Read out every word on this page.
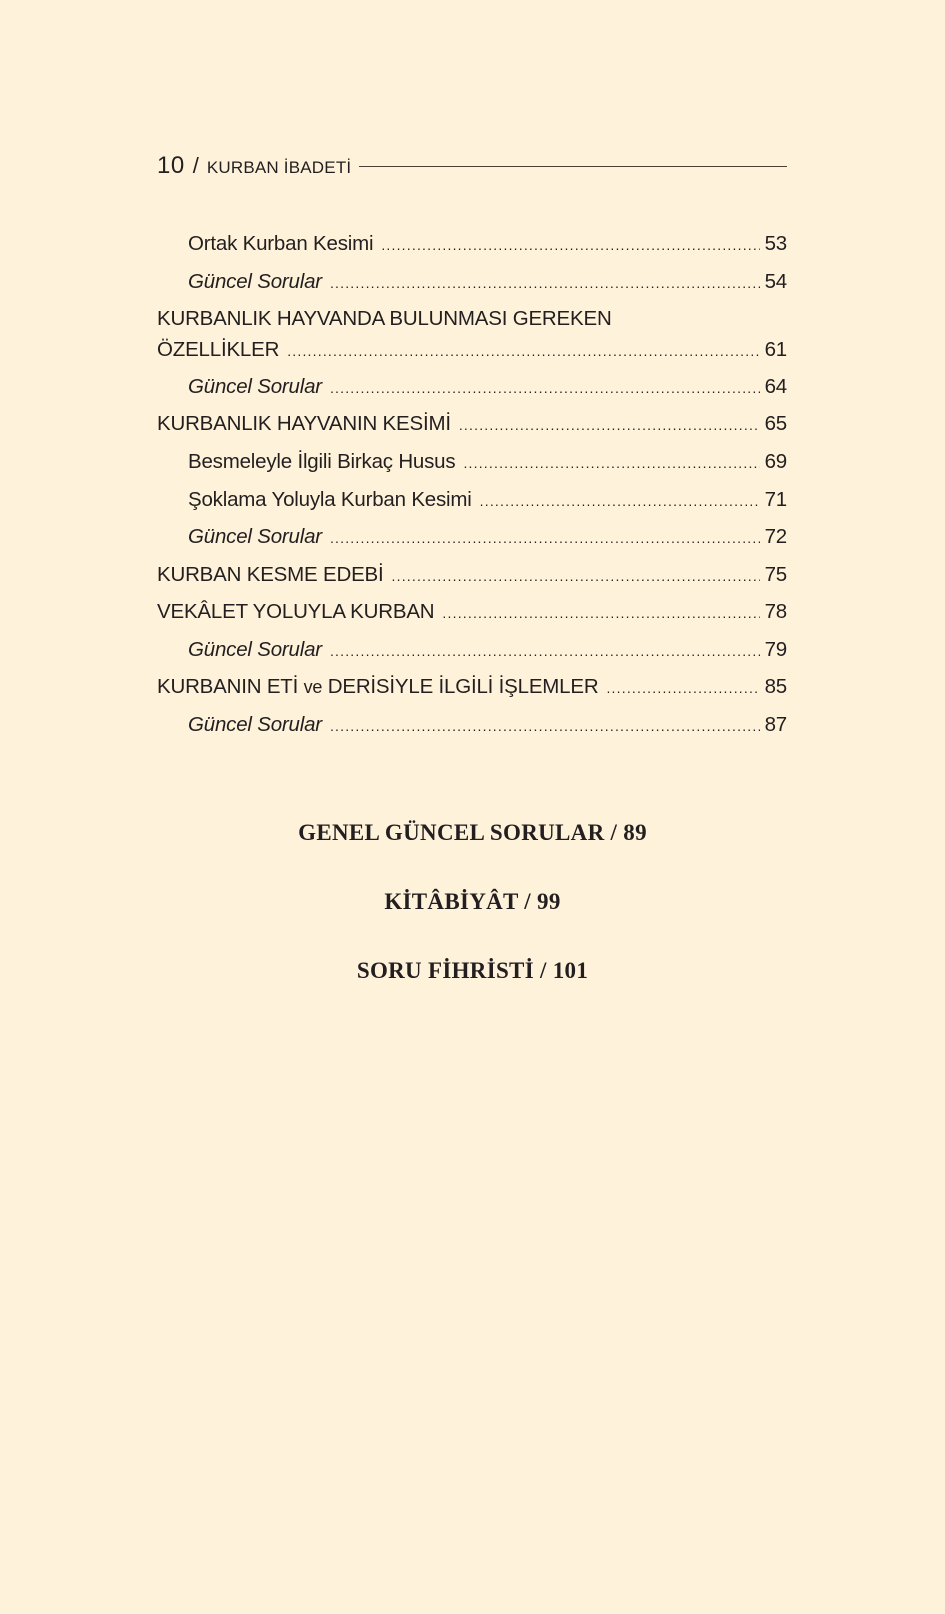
10 / KURBAN İBADETİ
Ortak Kurban Kesimi .....	53
Güncel Sorular .....	54
KURBANLIK HAYVANDA BULUNMASI GEREKEN
ÖZELLİKLER .....	61
Güncel Sorular .....	64
KURBANLIK HAYVANIN KESİMİ .....	65
Besmeleyle İlgili Birkaç Husus .....	69
Şoklama Yoluyla Kurban Kesimi .....	71
Güncel Sorular .....	72
KURBAN KESME EDEBİ .....	75
VEKÂLET YOLUYLA KURBAN .....	78
Güncel Sorular .....	79
KURBANIN ETİ ve DERİSİYLE İLGİLİ İŞLEMLER .....	85
Güncel Sorular .....	87
GENEL GÜNCEL SORULAR / 89
KİTÂBİYÂT / 99
SORU FİHRİSTİ / 101
